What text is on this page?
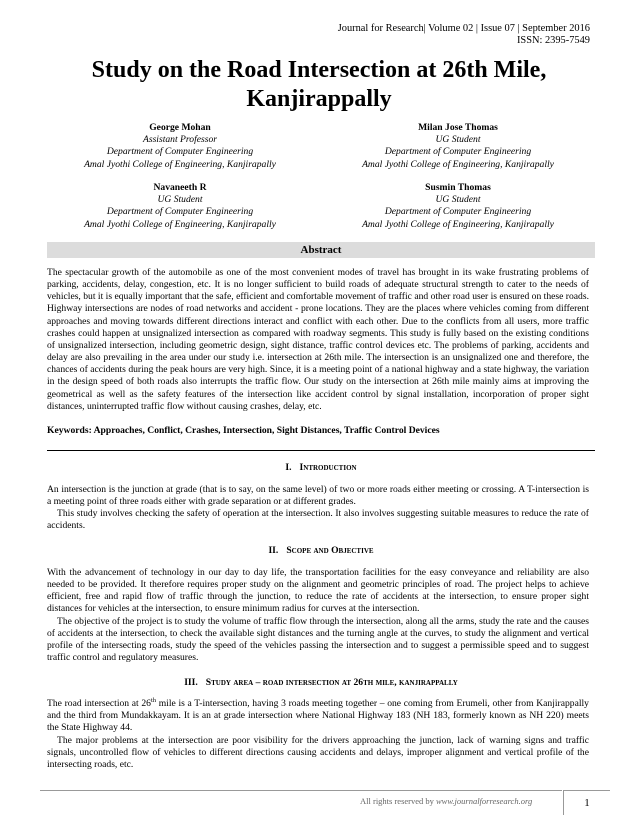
Journal for Research| Volume 02 | Issue 07 | September 2016
ISSN: 2395-7549
Study on the Road Intersection at 26th Mile, Kanjirappally
George Mohan
Assistant Professor
Department of Computer Engineering
Amal Jyothi College of Engineering, Kanjirapally
Milan Jose Thomas
UG Student
Department of Computer Engineering
Amal Jyothi College of Engineering, Kanjirapally
Navaneeth R
UG Student
Department of Computer Engineering
Amal Jyothi College of Engineering, Kanjirapally
Susmin Thomas
UG Student
Department of Computer Engineering
Amal Jyothi College of Engineering, Kanjirapally
Abstract
The spectacular growth of the automobile as one of the most convenient modes of travel has brought in its wake frustrating problems of parking, accidents, delay, congestion, etc. It is no longer sufficient to build roads of adequate structural strength to cater to the needs of vehicles, but it is equally important that the safe, efficient and comfortable movement of traffic and other road user is ensured on these roads. Highway intersections are nodes of road networks and accident - prone locations. They are the places where vehicles coming from different approaches and moving towards different directions interact and conflict with each other. Due to the conflicts from all users, more traffic crashes could happen at unsignalized intersection as compared with roadway segments. This study is fully based on the existing conditions of unsignalized intersection, including geometric design, sight distance, traffic control devices etc. The problems of parking, accidents and delay are also prevailing in the area under our study i.e. intersection at 26th mile. The intersection is an unsignalized one and therefore, the chances of accidents during the peak hours are very high. Since, it is a meeting point of a national highway and a state highway, the variation in the design speed of both roads also interrupts the traffic flow. Our study on the intersection at 26th mile mainly aims at improving the geometrical as well as the safety features of the intersection like accident control by signal installation, incorporation of proper sight distances, uninterrupted traffic flow without causing crashes, delay, etc.
Keywords: Approaches, Conflict, Crashes, Intersection, Sight Distances, Traffic Control Devices
I. Introduction
An intersection is the junction at grade (that is to say, on the same level) of two or more roads either meeting or crossing. A T-intersection is a meeting point of three roads either with grade separation or at different grades.
This study involves checking the safety of operation at the intersection. It also involves suggesting suitable measures to reduce the rate of accidents.
II. Scope and Objective
With the advancement of technology in our day to day life, the transportation facilities for the easy conveyance and reliability are also needed to be provided. It therefore requires proper study on the alignment and geometric principles of road. The project helps to achieve efficient, free and rapid flow of traffic through the junction, to reduce the rate of accidents at the intersection, to ensure proper sight distances for vehicles at the intersection, to ensure minimum radius for curves at the intersection.
The objective of the project is to study the volume of traffic flow through the intersection, along all the arms, study the rate and the causes of accidents at the intersection, to check the available sight distances and the turning angle at the curves, to study the alignment and vertical profile of the intersecting roads, study the speed of the vehicles passing the intersection and to suggest a permissible speed and to suggest traffic control and regulatory measures.
III. Study area – road intersection at 26th mile, kanjirappally
The road intersection at 26th mile is a T-intersection, having 3 roads meeting together – one coming from Erumeli, other from Kanjirappally and the third from Mundakkayam. It is an at grade intersection where National Highway 183 (NH 183, formerly known as NH 220) meets the State Highway 44.
The major problems at the intersection are poor visibility for the drivers approaching the junction, lack of warning signs and traffic signals, uncontrolled flow of vehicles to different directions causing accidents and delays, improper alignment and vertical profile of the intersecting roads, etc.
All rights reserved by www.journalforresearch.org	1
